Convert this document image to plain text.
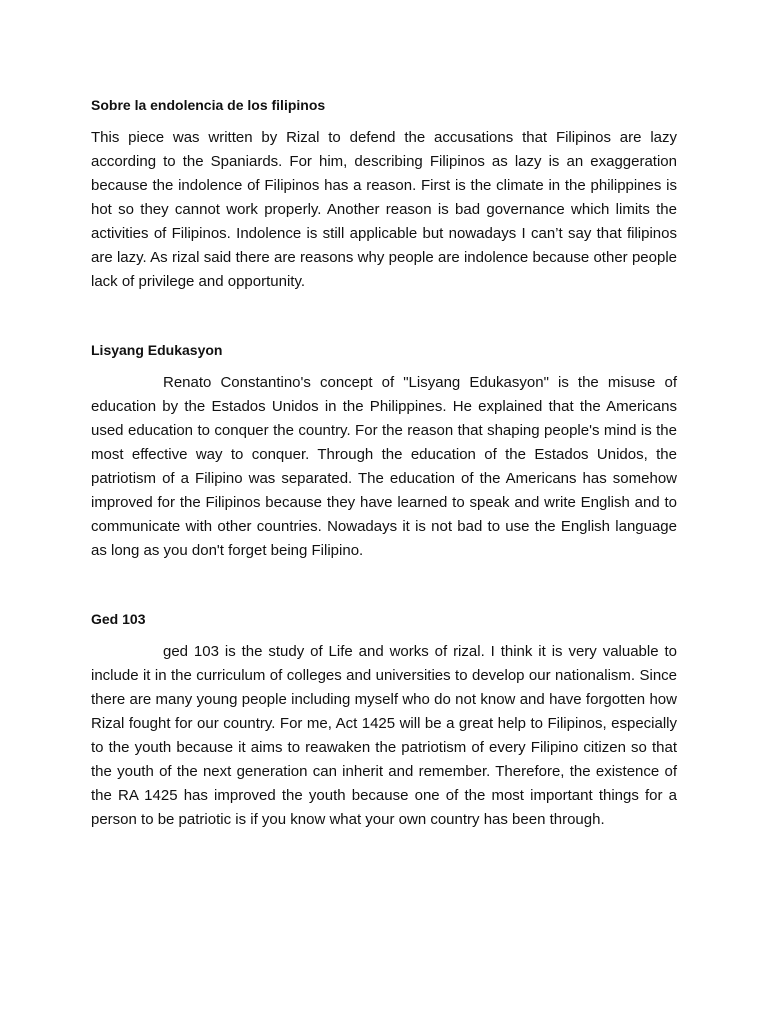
Sobre la endolencia de los filipinos

This piece was written by Rizal to defend the accusations that Filipinos are lazy according to the Spaniards. For him, describing Filipinos as lazy is an exaggeration because the indolence of Filipinos has a reason. First is the climate in the philippines is hot so they cannot work properly. Another reason is bad governance which limits the activities of Filipinos. Indolence is still applicable but nowadays I can’t say that filipinos are lazy. As rizal said there are reasons why people are indolence because other people lack of privilege and opportunity.

Lisyang Edukasyon

Renato Constantino's concept of "Lisyang Edukasyon" is the misuse of education by the Estados Unidos in the Philippines. He explained that the Americans used education to conquer the country. For the reason that shaping people's mind is the most effective way to conquer. Through the education of the Estados Unidos, the patriotism of a Filipino was separated. The education of the Americans has somehow improved for the Filipinos because they have learned to speak and write English and to communicate with other countries. Nowadays it is not bad to use the English language as long as you don't forget being Filipino.

Ged 103

ged 103 is the study of Life and works of rizal. I think it is very valuable to include it in the curriculum of colleges and universities to develop our nationalism. Since there are many young people including myself who do not know and have forgotten how Rizal fought for our country. For me, Act 1425 will be a great help to Filipinos, especially to the youth because it aims to reawaken the patriotism of every Filipino citizen so that the youth of the next generation can inherit and remember. Therefore, the existence of the RA 1425 has improved the youth because one of the most important things for a person to be patriotic is if you know what your own country has been through.
